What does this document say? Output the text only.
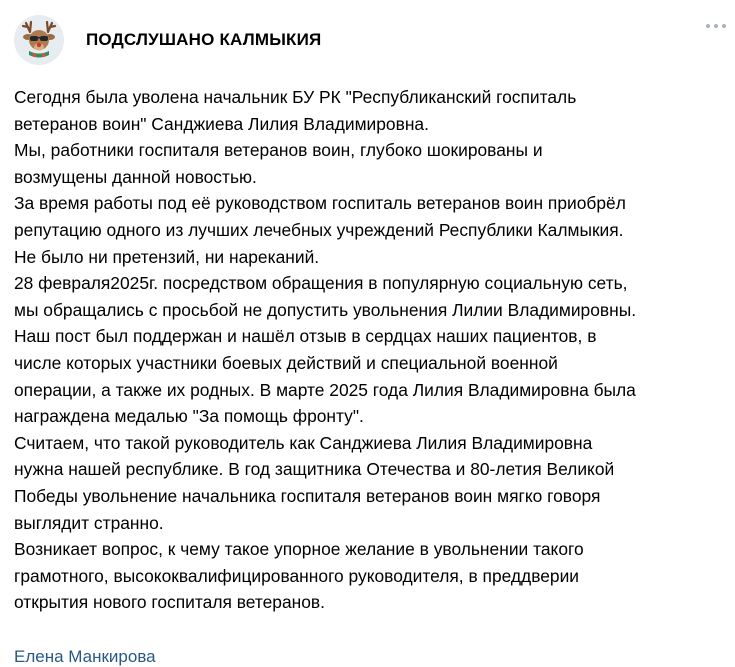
ПОДСЛУШАНО КАЛМЫКИЯ

Сегодня была уволена начальник БУ РК "Республиканский госпиталь

ветеранов воин" Санджиева Лилия Владимировна.

Мы, работники госпиталя ветеранов воин, глубоко шокированы и

возмущены данной новостью.

За время работы под её руководством госпиталь ветеранов воин приобрёл

репутацию одного из лучших лечебных учреждений Республики Калмыкия.

Не было ни претензий, ни нареканий.

28 февраля2025г. посредством обращения в популярную социальную сеть,

мы обращались с просьбой не допустить увольнения Лилии Владимировны.

Наш пост был поддержан и нашёл отзыв в сердцах наших пациентов, в

числе которых участники боевых действий и специальной военной

операции, а также их родных. В марте 2025 года Лилия Владимировна была

награждена медалью "За помощь фронту".

Считаем, что такой руководитель как Санджиева Лилия Владимировна

нужна нашей республике. В год защитника Отечества и 80-летия Великой

Победы увольнение начальника госпиталя ветеранов воин мягко говоря

выглядит странно.

Возникает вопрос, к чему такое упорное желание в увольнении такого

грамотного, высококвалифицированного руководителя, в преддверии

открытия нового госпиталя ветеранов.

Елена Манкирова
